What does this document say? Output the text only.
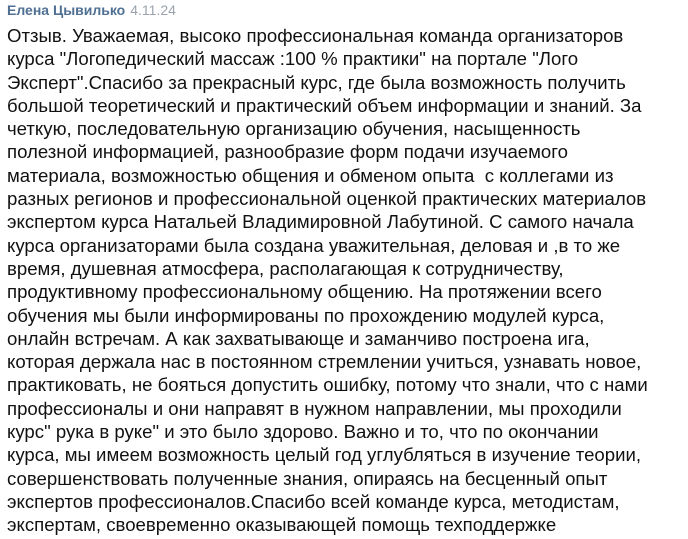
Елена Цывилько 4.11.24
Отзыв. Уважаемая, высоко профессиональная команда организаторов
курса "Логопедический массаж :100 % практики" на портале "Лого
Эксперт".Спасибо за прекрасный курс, где была возможность получить
большой теоретический и практический объем информации и знаний. За
четкую, последовательную организацию обучения, насыщенность
полезной информацией, разнообразие форм подачи изучаемого
материала, возможностью общения и обменом опыта  с коллегами из
разных регионов и профессиональной оценкой практических материалов
экспертом курса Натальей Владимировной Лабутиной. С самого начала
курса организаторами была создана уважительная, деловая и ,в то же
время, душевная атмосфера, располагающая к сотрудничеству,
продуктивному профессиональному общению. На протяжении всего
обучения мы были информированы по прохождению модулей курса,
онлайн встречам. А как захватывающе и заманчиво построена ига,
которая держала нас в постоянном стремлении учиться, узнавать новое,
практиковать, не бояться допустить ошибку, потому что знали, что с нами
профессионалы и они направят в нужном направлении, мы проходили
курс" рука в руке" и это было здорово. Важно и то, что по окончании
курса, мы имеем возможность целый год углубляться в изучение теории,
совершенствовать полученные знания, опираясь на бесценный опыт
экспертов профессионалов.Спасибо всей команде курса, методистам,
экспертам, своевременно оказывающей помощь техподдержке
